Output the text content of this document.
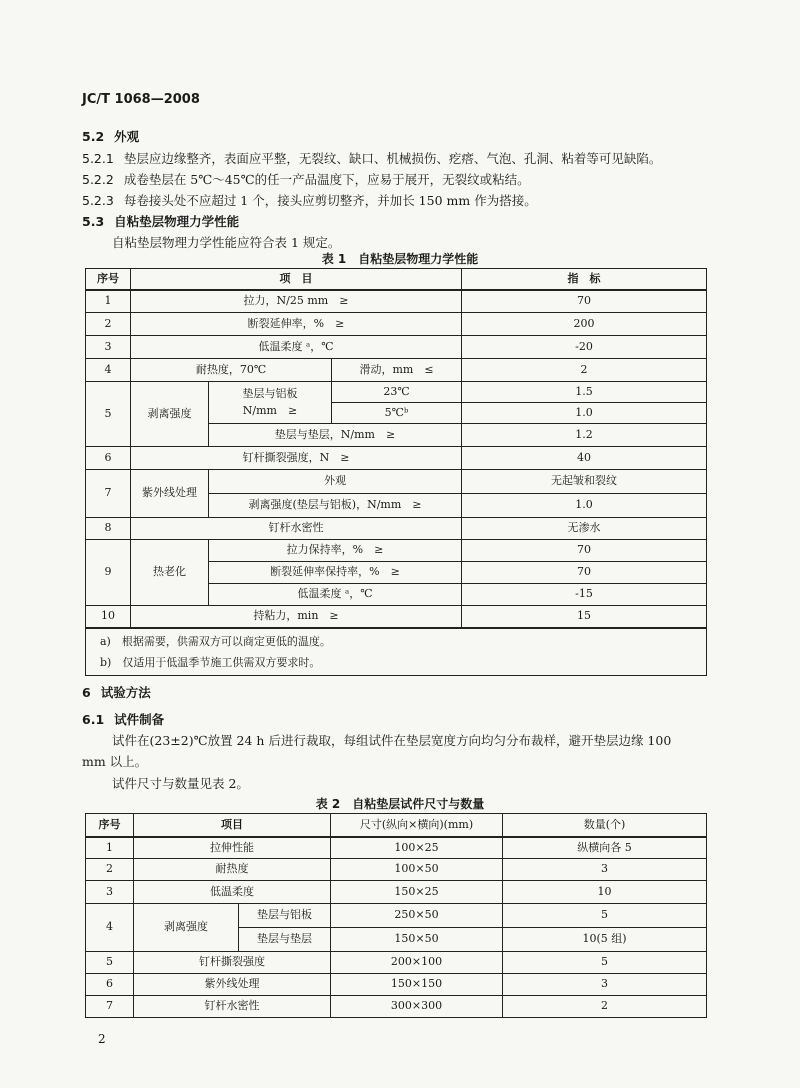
JC/T 1068—2008
5.2 外观
5.2.1 垫层应边缘整齐，表面应平整，无裂纹、缺口、机械损伤、疙瘩、气泡、孔洞、粘着等可见缺陷。
5.2.2 成卷垫层在 5℃～45℃的任一产品温度下，应易于展开，无裂纹或粘结。
5.2.3 每卷接头处不应超过 1 个，接头应剪切整齐，并加长 150 mm 作为搭接。
5.3 自粘垫层物理力学性能
自粘垫层物理力学性能应符合表 1 规定。
表 1　自粘垫层物理力学性能
序号	项　目			指　标
1	拉力，N/25 mm　≥			70
2	断裂延伸率，%　≥			200
3	低温柔度 ᵃ，℃			-20
4	耐热度，70℃		滑动，mm　≤	2
5	剥离强度	垫层与铝板
N/mm　≥	23℃	1.5
			5℃ᵇ	1.0
		垫层与垫层，N/mm　≥		1.2
6	钉杆撕裂强度，N　≥			40
7	紫外线处理	外观		无起皱和裂纹
		剥离强度(垫层与铝板)，N/mm　≥		1.0
8	钉杆水密性			无渗水
9	热老化	拉力保持率，%　≥		70
		断裂延伸率保持率，%　≥		70
		低温柔度 ᵃ，℃		-15
10	持粘力，min　≥			15

a)　根据需要，供需双方可以商定更低的温度。
b)　仅适用于低温季节施工供需双方要求时。				
6 试验方法
6.1 试件制备
试件在(23±2)℃放置 24 h 后进行裁取，每组试件在垫层宽度方向均匀分布裁样，避开垫层边缘 100
mm 以上。
试件尺寸与数量见表 2。
表 2　自粘垫层试件尺寸与数量
序号	项目		尺寸(纵向×横向)(mm)	数量(个)
1	拉伸性能		100×25	纵横向各 5
2	耐热度		100×50	3
3	低温柔度		150×25	10
4	剥离强度	垫层与铝板	250×50	5
		垫层与垫层	150×50	10(5 组)
5	钉杆撕裂强度		200×100	5
6	紫外线处理		150×150	3
7	钉杆水密性		300×300	2
2
